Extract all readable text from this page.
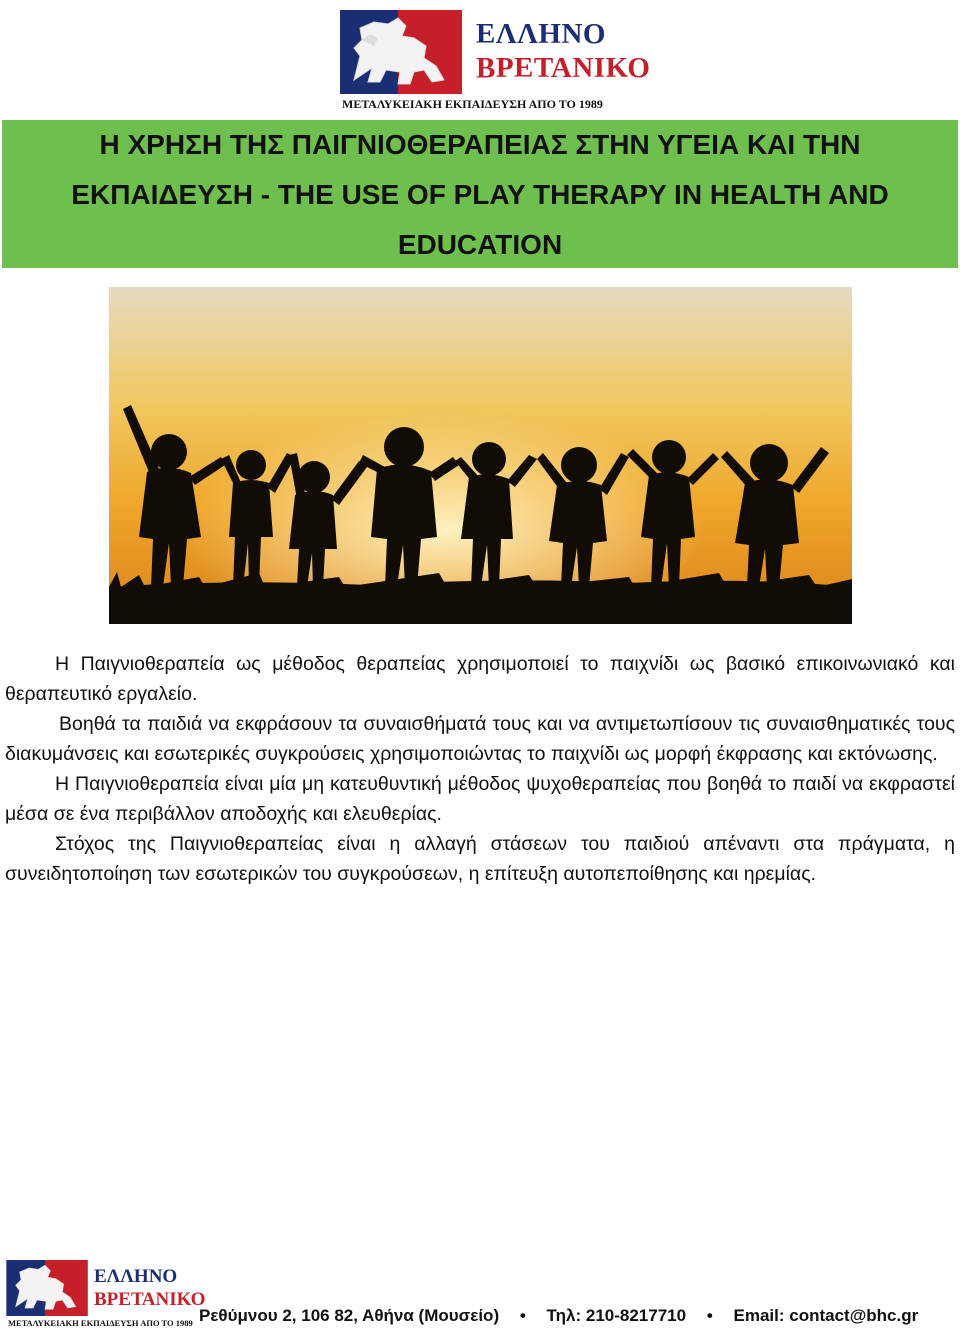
ΕΛΛΗΝΟ
ΒΡΕΤΑΝΙΚΟ
ΜΕΤΑΛΥΚΕΙΑΚΗ ΕΚΠΑΙΔΕΥΣΗ ΑΠΟ ΤΟ 1989
Η ΧΡΗΣΗ ΤΗΣ ΠΑΙΓΝΙΟΘΕΡΑΠΕΙΑΣ ΣΤΗΝ ΥΓΕΙΑ ΚΑΙ ΤΗΝ ΕΚΠΑΙΔΕΥΣΗ - THE USE OF PLAY THERAPY IN HEALTH AND EDUCATION

Η Παιγνιοθεραπεία ως μέθοδος θεραπείας χρησιμοποιεί το παιχνίδι ως βασικό επικοινωνιακό και θεραπευτικό εργαλείο.

Βοηθά τα παιδιά να εκφράσουν τα συναισθήματά τους και να αντιμετωπίσουν τις συναισθηματικές τους διακυμάνσεις και εσωτερικές συγκρούσεις χρησιμοποιώντας το παιχνίδι ως μορφή έκφρασης και εκτόνωσης.

Η Παιγνιοθεραπεία είναι μία μη κατευθυντική μέθοδος ψυχοθεραπείας που βοηθά το παιδί να εκφραστεί μέσα σε ένα περιβάλλον αποδοχής και ελευθερίας.

Στόχος της Παιγνιοθεραπείας είναι η αλλαγή στάσεων του παιδιού απέναντι στα πράγματα, η συνειδητοποίηση των εσωτερικών του συγκρούσεων, η επίτευξη αυτοπεποίθησης και ηρεμίας.

ΕΛΛΗΝΟ
ΒΡΕΤΑΝΙΚΟ
ΜΕΤΑΛΥΚΕΙΑΚΗ ΕΚΠΑΙΔΕΥΣΗ ΑΠΟ ΤΟ 1989 Ρεθύμνου 2, 106 82, Αθήνα (Μουσείο) • Τηλ: 210-8217710 • Email: contact@bhc.gr
